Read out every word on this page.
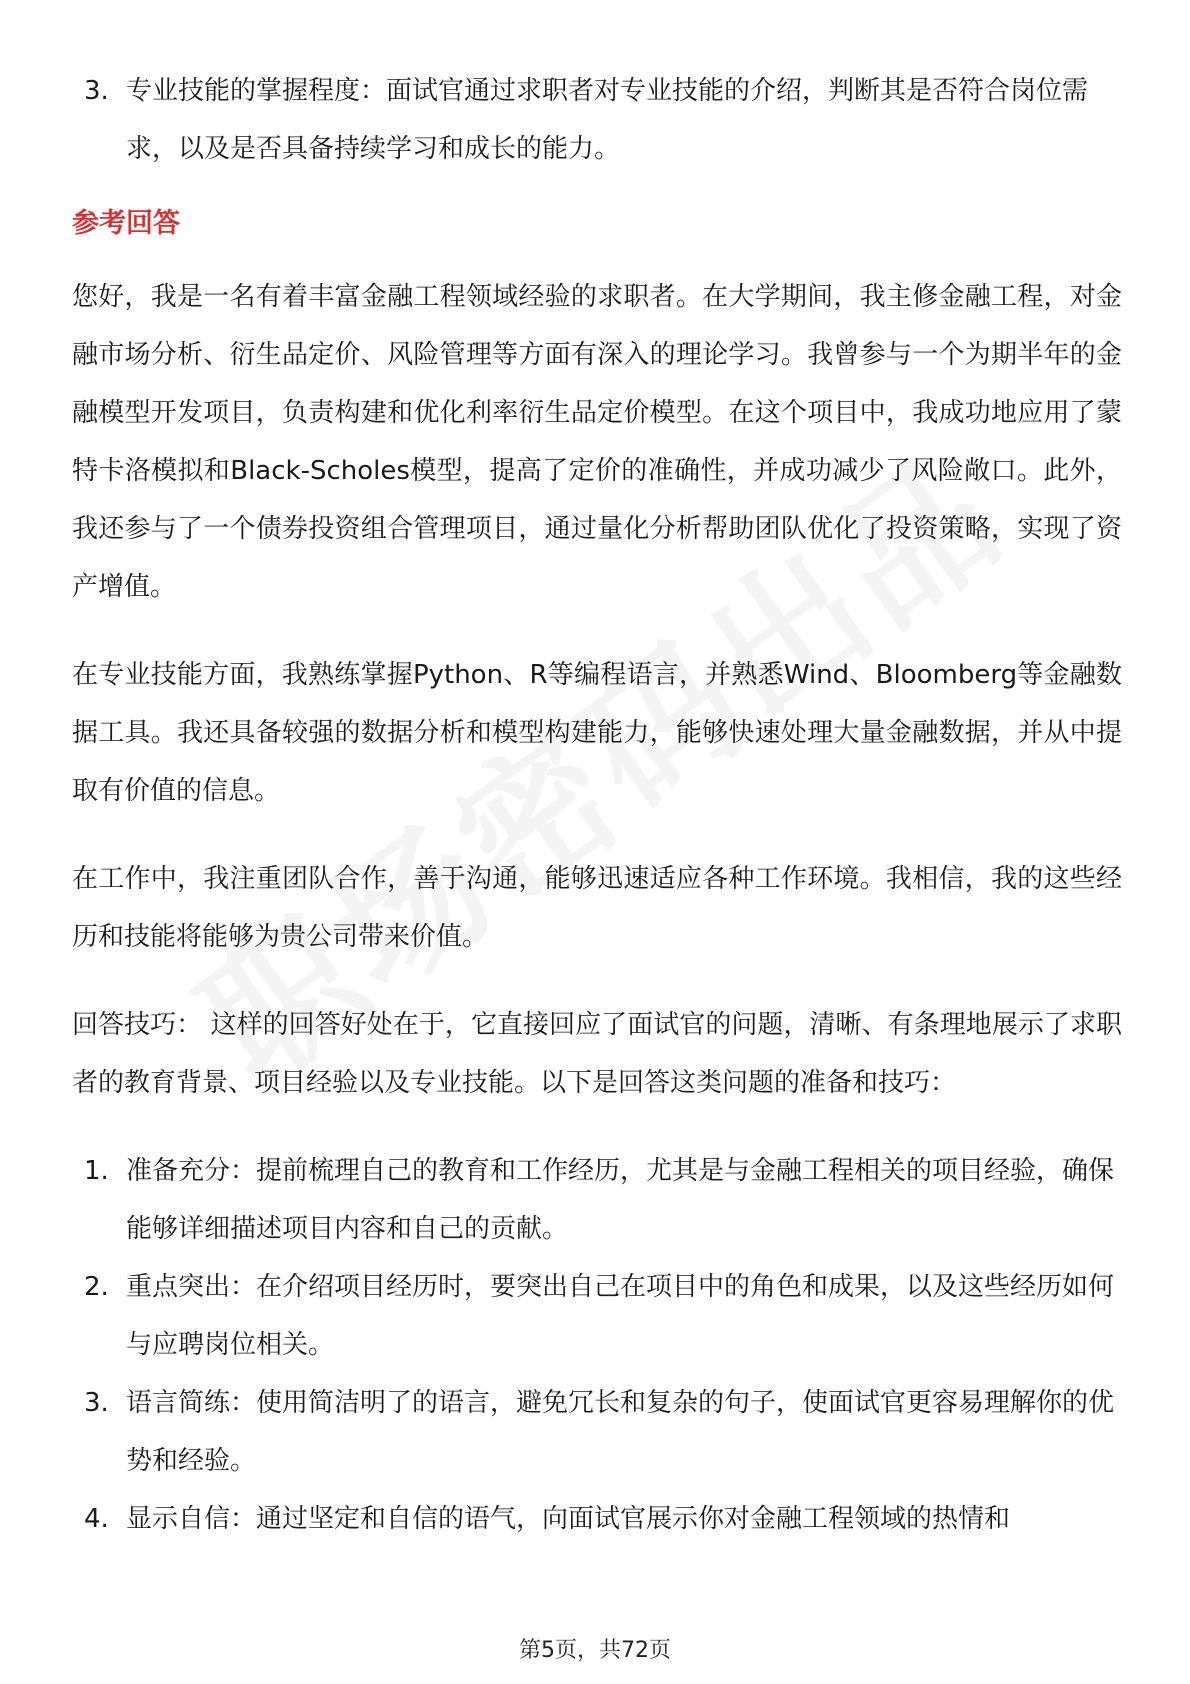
3. 专业技能的掌握程度：面试官通过求职者对专业技能的介绍，判断其是否符合岗位需求，以及是否具备持续学习和成长的能力。
参考回答

您好，我是一名有着丰富金融工程领域经验的求职者。在大学期间，我主修金融工程，对金融市场分析、衍生品定价、风险管理等方面有深入的理论学习。我曾参与一个为期半年的金融模型开发项目，负责构建和优化利率衍生品定价模型。在这个项目中，我成功地应用了蒙特卡洛模拟和Black-Scholes模型，提高了定价的准确性，并成功减少了风险敞口。此外，我还参与了一个债券投资组合管理项目，通过量化分析帮助团队优化了投资策略，实现了资产增值。

在专业技能方面，我熟练掌握Python、R等编程语言，并熟悉Wind、Bloomberg等金融数据工具。我还具备较强的数据分析和模型构建能力，能够快速处理大量金融数据，并从中提取有价值的信息。

在工作中，我注重团队合作，善于沟通，能够迅速适应各种工作环境。我相信，我的这些经历和技能将能够为贵公司带来价值。

回答技巧： 这样的回答好处在于，它直接回应了面试官的问题，清晰、有条理地展示了求职者的教育背景、项目经验以及专业技能。以下是回答这类问题的准备和技巧：

1. 准备充分：提前梳理自己的教育和工作经历，尤其是与金融工程相关的项目经验，确保能够详细描述项目内容和自己的贡献。
2. 重点突出：在介绍项目经历时，要突出自己在项目中的角色和成果，以及这些经历如何与应聘岗位相关。
3. 语言简练：使用简洁明了的语言，避免冗长和复杂的句子，使面试官更容易理解你的优势和经验。
4. 显示自信：通过坚定和自信的语气，向面试官展示你对金融工程领域的热情和
第5页，共72页
